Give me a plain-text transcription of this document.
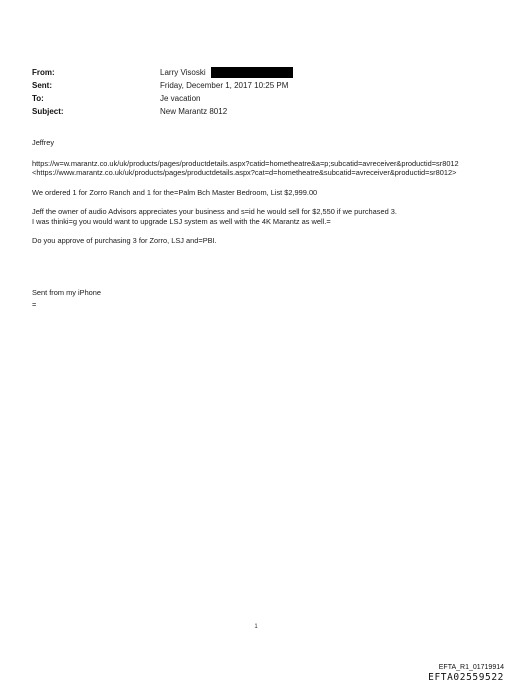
From:	Larry Visoski
Sent:	Friday, December 1, 2017 10:25 PM
To:	Je vacation
Subject:	New Marantz 8012

Jeffrey

https://w=w.marantz.co.uk/uk/products/pages/productdetails.aspx?catid=hometheatre&a=p;subcatid=avreceiver&productid=sr8012

<https://www.marantz.co.uk/uk/products/pages/productdetails.aspx?cat=d=hometheatre&subcatid=avreceiver&productid=sr8012>

We ordered 1 for Zorro Ranch and 1 for the=Palm Bch Master Bedroom, List $2,999.00

Jeff the owner of audio Advisors appreciates your business and s=id he would sell for $2,550 if we purchased 3.

I was thinki=g you would want to upgrade LSJ system as well with the 4K Marantz as well.=

Do you approve of purchasing 3 for Zorro, LSJ and=PBI.

Sent from my iPhone

=

1
EFTA_R1_01719914
EFTA02559522
